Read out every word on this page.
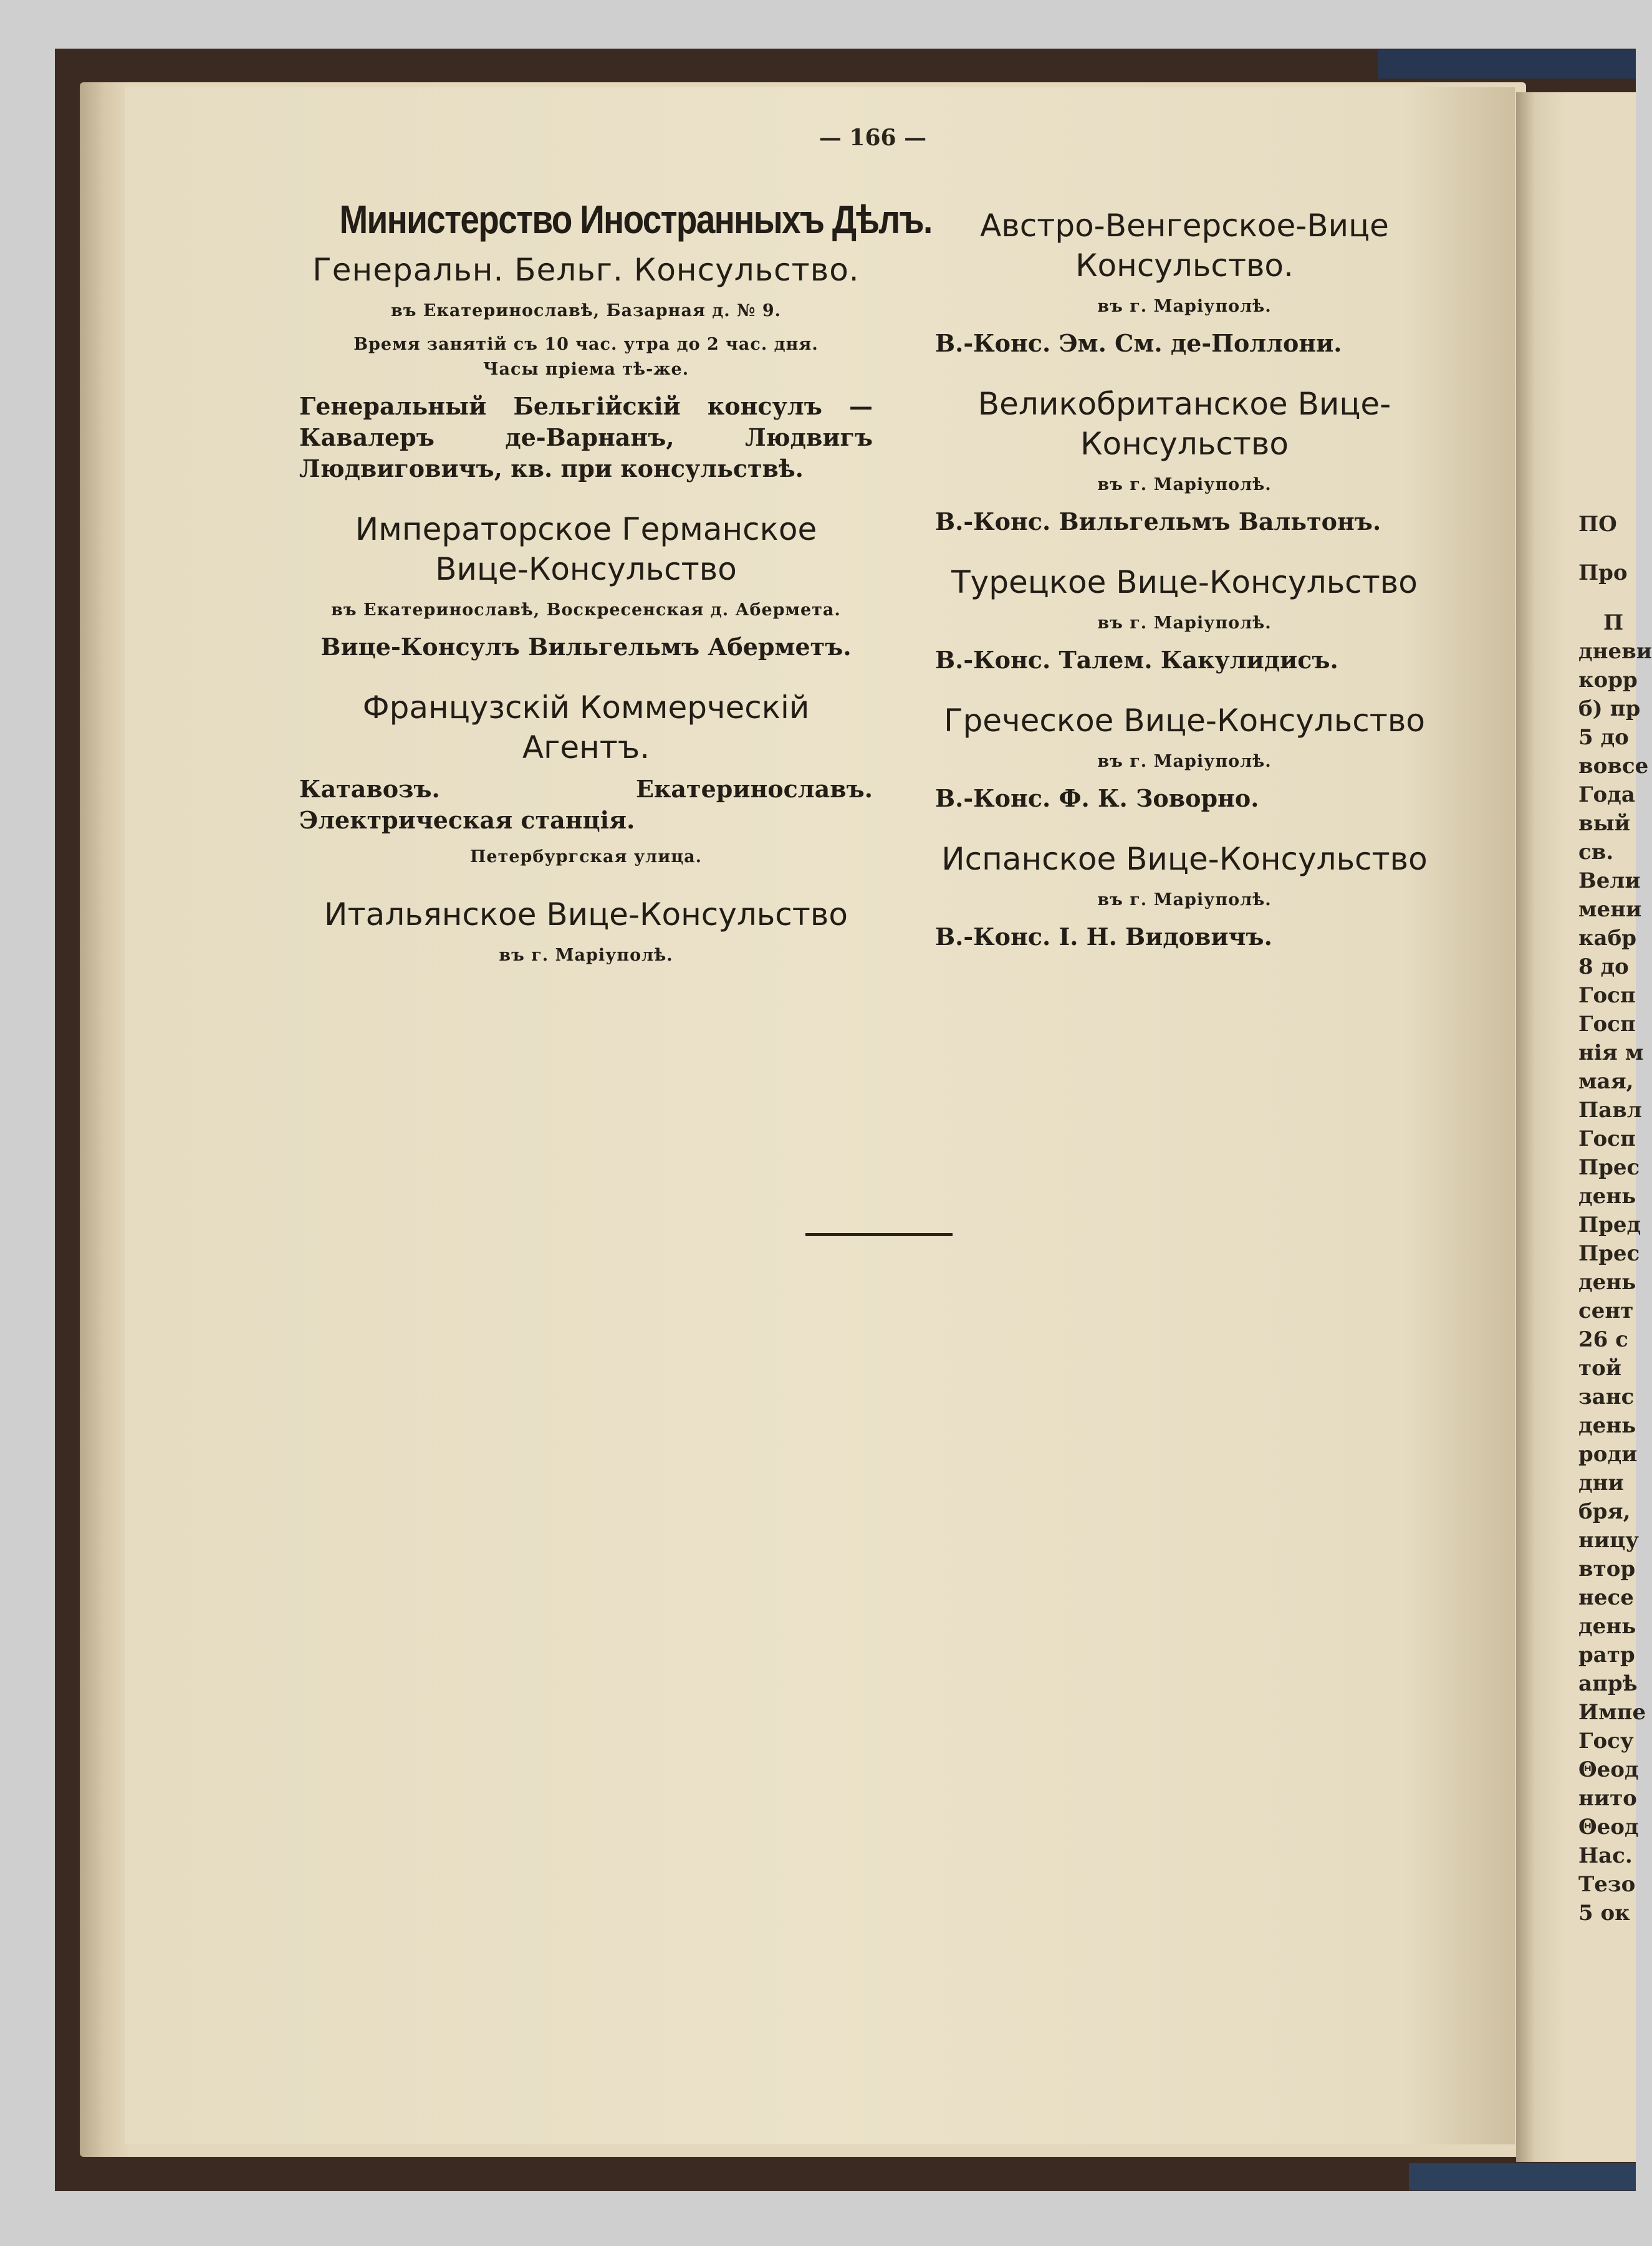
ПО
Про
П
дневи
корр
б) пр
5 до
вовсе
Года
вый
св.
Вели
мени
кабр
8 до
Госп
Госп
нія м
мая,
Павл
Госп
Прес
день
Пред
Прес
день
сент
26 с
той
занс
день
роди
дни
бря,
ницу
втор
несе
день
ратр
апрѣ
Импе
Госу
Θеод
нито
Θеод
Нас.
Тезо
5 ок
— 166 —
Министерство Иностранныхъ Дѣлъ.
Генеральн. Бельг. Консульство.

въ Екатеринославѣ, Базарная д. № 9.

Время занятій съ 10 час. утра до 2 час. дня.

Часы пріема тѣ-же.

Генеральный Бельгійскій консулъ — Кавалеръ де-Варнанъ, Людвигъ Людвиговичъ, кв. при консульствѣ.

Императорское Германское
Вице-Консульство

въ Екатеринославѣ, Воскресенская д. Абермета.

Вице-Консулъ Вильгельмъ Аберметъ.

Французскій Коммерческій
Агентъ.

Катавозъ. Екатеринославъ. Электрическая станція.

Петербургская улица.

Итальянское Вице-Консульство

въ г. Маріуполѣ.

Австро-Венгерское-Вице
Консульство.

въ г. Маріуполѣ.

В.-Конс. Эм. См. де-Поллони.

Великобританское Вице-
Консульство

въ г. Маріуполѣ.

В.-Конс. Вильгельмъ Вальтонъ.

Турецкое Вице-Консульство

въ г. Маріуполѣ.

В.-Конс. Талем. Какулидисъ.

Греческое Вице-Консульство

въ г. Маріуполѣ.

В.-Конс. Ф. К. Зоворно.

Испанское Вице-Консульство

въ г. Маріуполѣ.

В.-Конс. І. Н. Видовичъ.
